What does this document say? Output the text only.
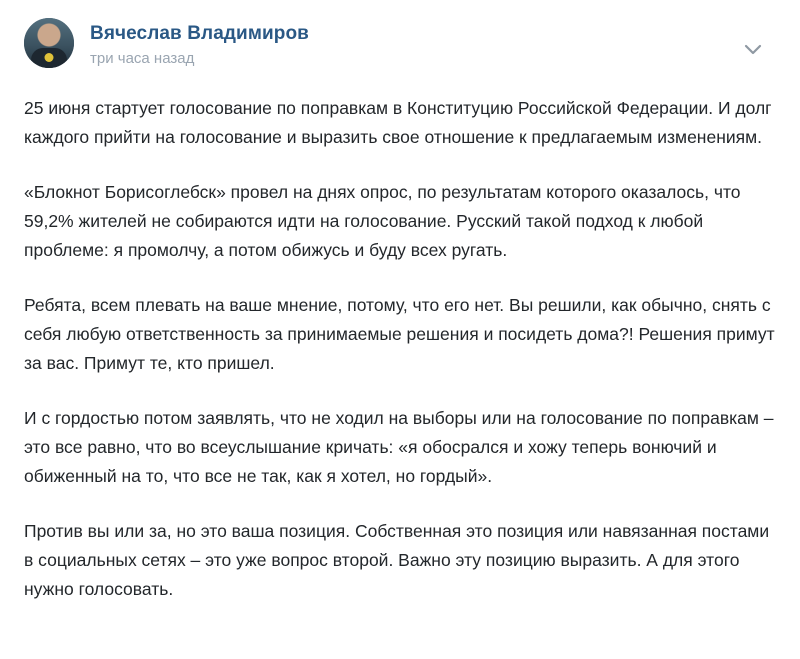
Вячеслав Владимиров
три часа назад

25 июня стартует голосование по поправкам в Конституцию Российской Федерации. И долг каждого прийти на голосование и выразить свое отношение к предлагаемым изменениям.

«Блокнот Борисоглебск» провел на днях опрос, по результатам которого оказалось, что 59,2% жителей не собираются идти на голосование. Русский такой подход к любой проблеме: я промолчу, а потом обижусь и буду всех ругать.

Ребята, всем плевать на ваше мнение, потому, что его нет. Вы решили, как обычно, снять с себя любую ответственность за принимаемые решения и посидеть дома?! Решения примут за вас. Примут те, кто пришел.

И с гордостью потом заявлять, что не ходил на выборы или на голосование по поправкам – это все равно, что во всеуслышание кричать: «я обосрался и хожу теперь вонючий и обиженный на то, что все не так, как я хотел, но гордый».

Против вы или за, но это ваша позиция. Собственная это позиция или навязанная постами в социальных сетях – это уже вопрос второй. Важно эту позицию выразить. А для этого нужно голосовать.
